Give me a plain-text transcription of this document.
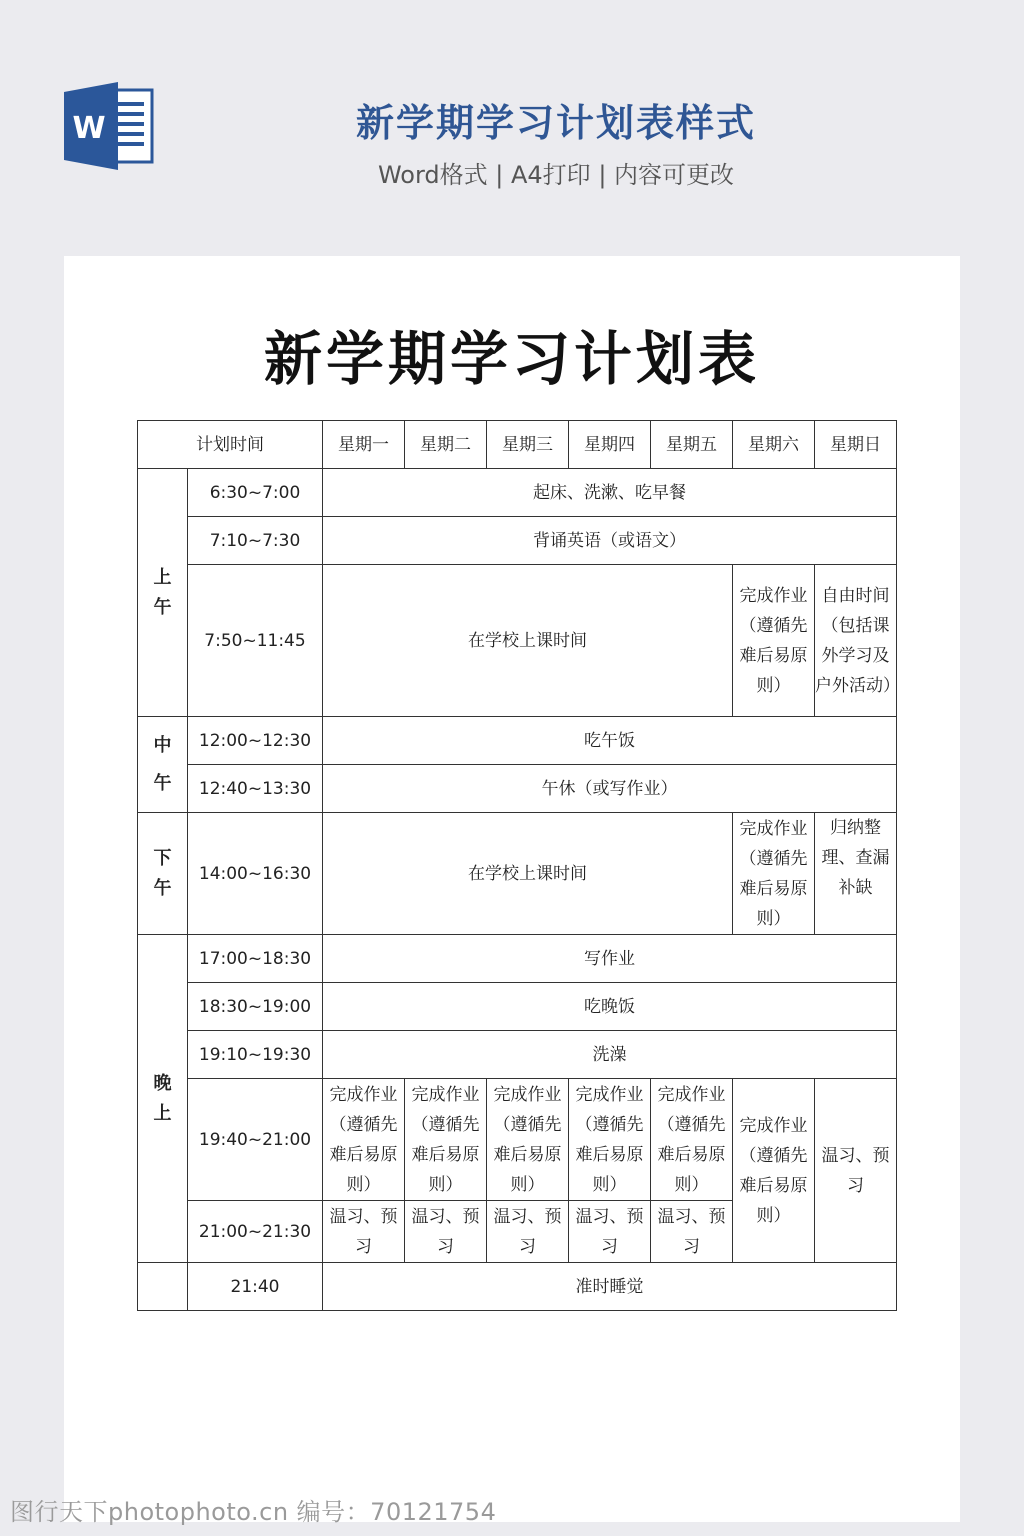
W	新学期学习计划表样式
Word格式 | A4打印 | 内容可更改
新学期学习计划表
计划时间		星期一	星期二	星期三	星期四	星期五	星期六	星期日
上午	6:30~7:00	起床、洗漱、吃早餐						
	7:10~7:30	背诵英语（或语文）						
	7:50~11:45	在学校上课时间					完成作业（遵循先难后易原则）	自由时间（包括课外学习及户外活动）
中午	12:00~12:30	吃午饭						
	12:40~13:30	午休（或写作业）						
下午	14:00~16:30	在学校上课时间					完成作业（遵循先难后易原则）	归纳整理、查漏补缺
晚上	17:00~18:30	写作业						
	18:30~19:00	吃晚饭						
	19:10~19:30	洗澡						
	19:40~21:00	完成作业（遵循先难后易原则）	完成作业（遵循先难后易原则）	完成作业（遵循先难后易原则）	完成作业（遵循先难后易原则）	完成作业（遵循先难后易原则）	完成作业（遵循先难后易原则）	温习、预习
	21:00~21:30	温习、预习	温习、预习	温习、预习	温习、预习	温习、预习		
	21:40	准时睡觉						
图行天下photophoto.cn 编号：70121754
